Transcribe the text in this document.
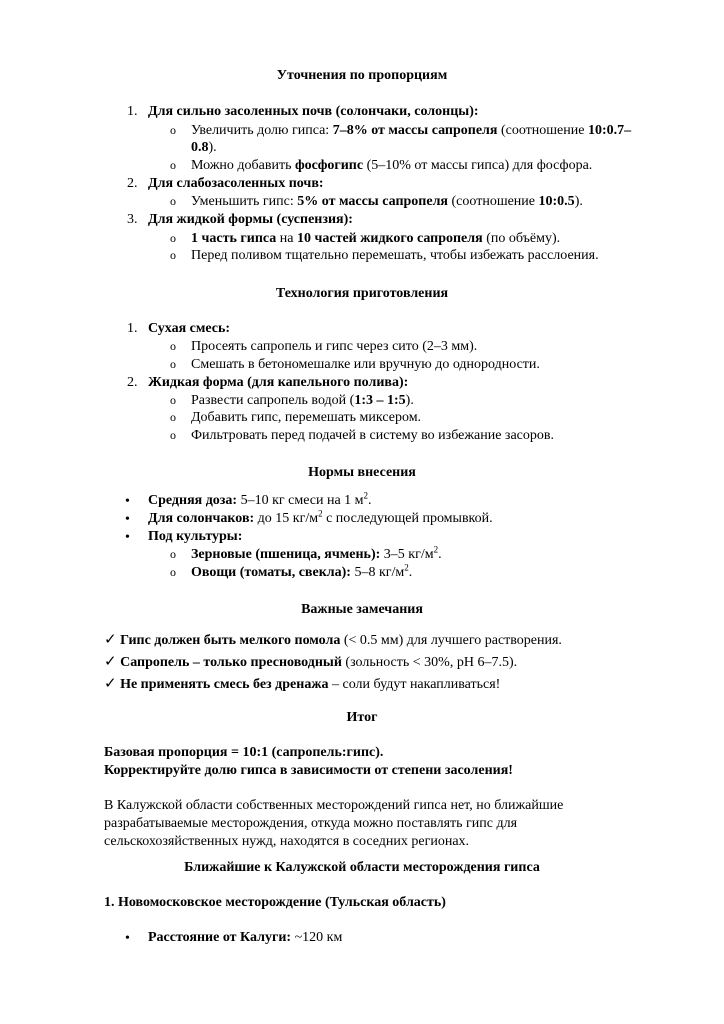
Уточнения по пропорциям
1. Для сильно засоленных почв (солончаки, солонцы):
o Увеличить долю гипса: 7–8% от массы сапропеля (соотношение 10:0.7–
0.8).
o Можно добавить фосфогипс (5–10% от массы гипса) для фосфора.
2. Для слабозасоленных почв:
o Уменьшить гипс: 5% от массы сапропеля (соотношение 10:0.5).
3. Для жидкой формы (суспензия):
o 1 часть гипса на 10 частей жидкого сапропеля (по объёму).
o Перед поливом тщательно перемешать, чтобы избежать расслоения.
Технология приготовления
1. Сухая смесь:
o Просеять сапропель и гипс через сито (2–3 мм).
o Смешать в бетономешалке или вручную до однородности.
2. Жидкая форма (для капельного полива):
o Развести сапропель водой (1:3 – 1:5).
o Добавить гипс, перемешать миксером.
o Фильтровать перед подачей в систему во избежание засоров.
Нормы внесения
• Средняя доза: 5–10 кг смеси на 1 $м^2$.
• Для солончаков: до 15 $кг/м^2$ с последующей промывкой.
• Под культуры:
o Зерновые (пшеница, ячмень): 3–5 $кг/м^2$.
o Овощи (томаты, свекла): 5–8 $кг/м^2$.
Важные замечания
✓ Гипс должен быть мелкого помола (< 0.5 мм) для лучшего растворения.
✓ Сапропель – только пресноводный (зольность < 30%, pH 6–7.5).
✓ Не применять смесь без дренажа – соли будут накапливаться!
Итог
Базовая пропорция = 10:1 (сапропель:гипс).
Корректируйте долю гипса в зависимости от степени засоления!
В Калужской области собственных месторождений гипса нет, но ближайшие разрабатываемые месторождения, откуда можно поставлять гипс для сельскохозяйственных нужд, находятся в соседних регионах.
Ближайшие к Калужской области месторождения гипса
1. Новомосковское месторождение (Тульская область)
• Расстояние от Калуги: ~120 км
